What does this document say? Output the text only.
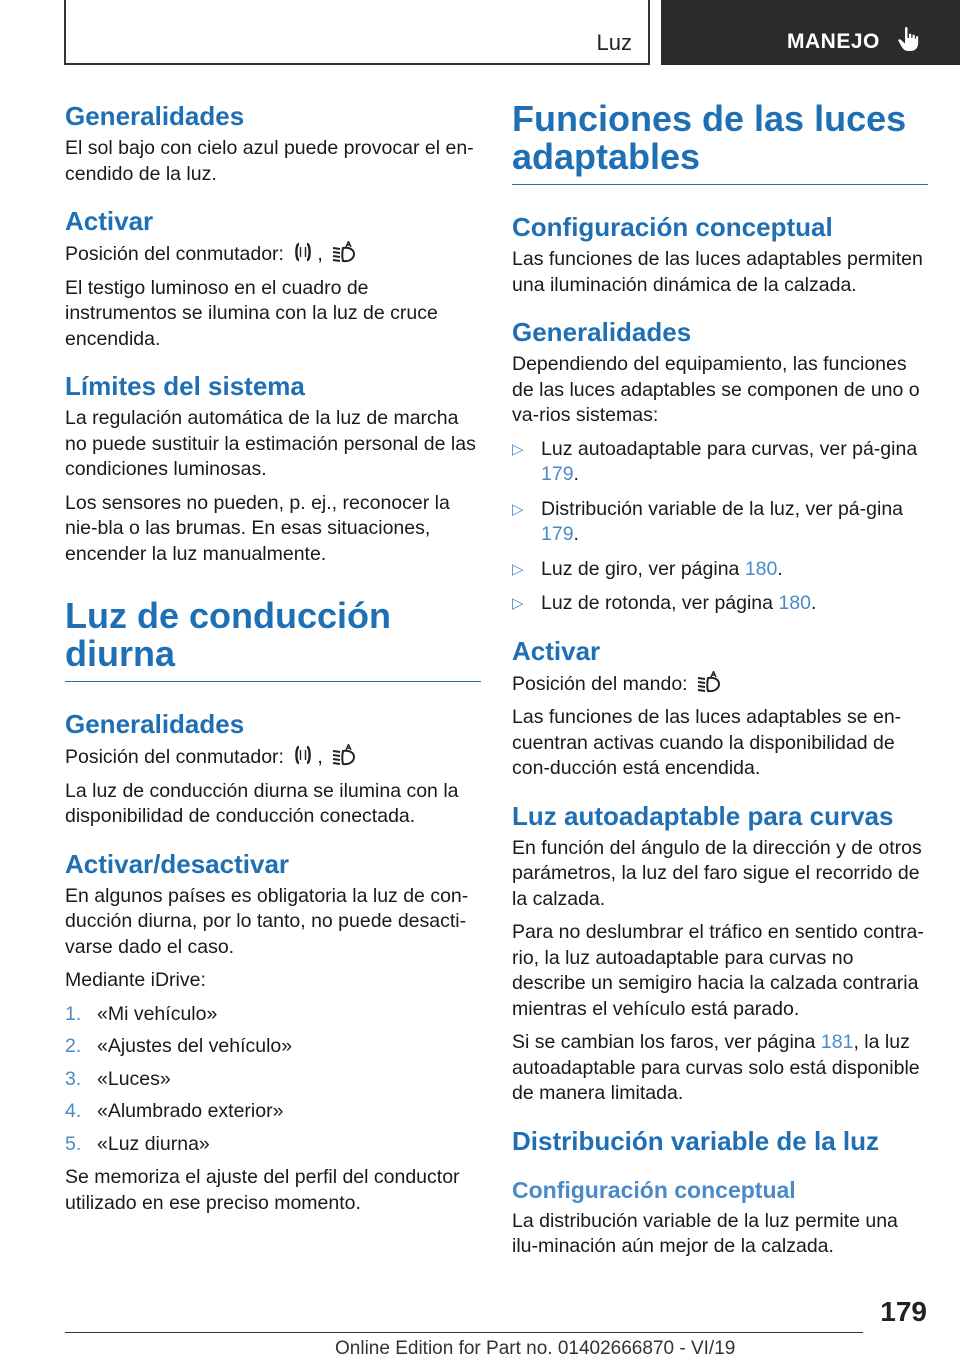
Luz	MANEJO
Generalidades

El sol bajo con cielo azul puede provocar el en-cendido de la luz.

Activar

Posición del conmutador: ,

El testigo luminoso en el cuadro de instrumentos se ilumina con la luz de cruce encendida.

Límites del sistema

La regulación automática de la luz de marcha no puede sustituir la estimación personal de las condiciones luminosas.

Los sensores no pueden, p. ej., reconocer la nie-bla o las brumas. En esas situaciones, encender la luz manualmente.

Luz de conducción diurna
Generalidades

Posición del conmutador: ,

La luz de conducción diurna se ilumina con la disponibilidad de conducción conectada.

Activar/desactivar

En algunos países es obligatoria la luz de con-ducción diurna, por lo tanto, no puede desacti-varse dado el caso.

Mediante iDrive:

1. «Mi vehículo»
2. «Ajustes del vehículo»
3. «Luces»
4. «Alumbrado exterior»
5. «Luz diurna»

Se memoriza el ajuste del perfil del conductor utilizado en ese preciso momento.

Funciones de las luces adaptables
Configuración conceptual

Las funciones de las luces adaptables permiten una iluminación dinámica de la calzada.

Generalidades

Dependiendo del equipamiento, las funciones de las luces adaptables se componen de uno o va-rios sistemas:

▷ Luz autoadaptable para curvas, ver pá-gina 179.
▷ Distribución variable de la luz, ver pá-gina 179.
▷ Luz de giro, ver página 180.
▷ Luz de rotonda, ver página 180.
Activar

Posición del mando:

Las funciones de las luces adaptables se en-cuentran activas cuando la disponibilidad de con-ducción está encendida.

Luz autoadaptable para curvas

En función del ángulo de la dirección y de otros parámetros, la luz del faro sigue el recorrido de la calzada.

Para no deslumbrar el tráfico en sentido contra-rio, la luz autoadaptable para curvas no describe un semigiro hacia la calzada contraria mientras el vehículo está parado.

Si se cambian los faros, ver página 181, la luz autoadaptable para curvas solo está disponible de manera limitada.

Distribución variable de la luz
Configuración conceptual

La distribución variable de la luz permite una ilu-minación aún mejor de la calzada.

179
Online Edition for Part no. 01402666870 - VI/19
